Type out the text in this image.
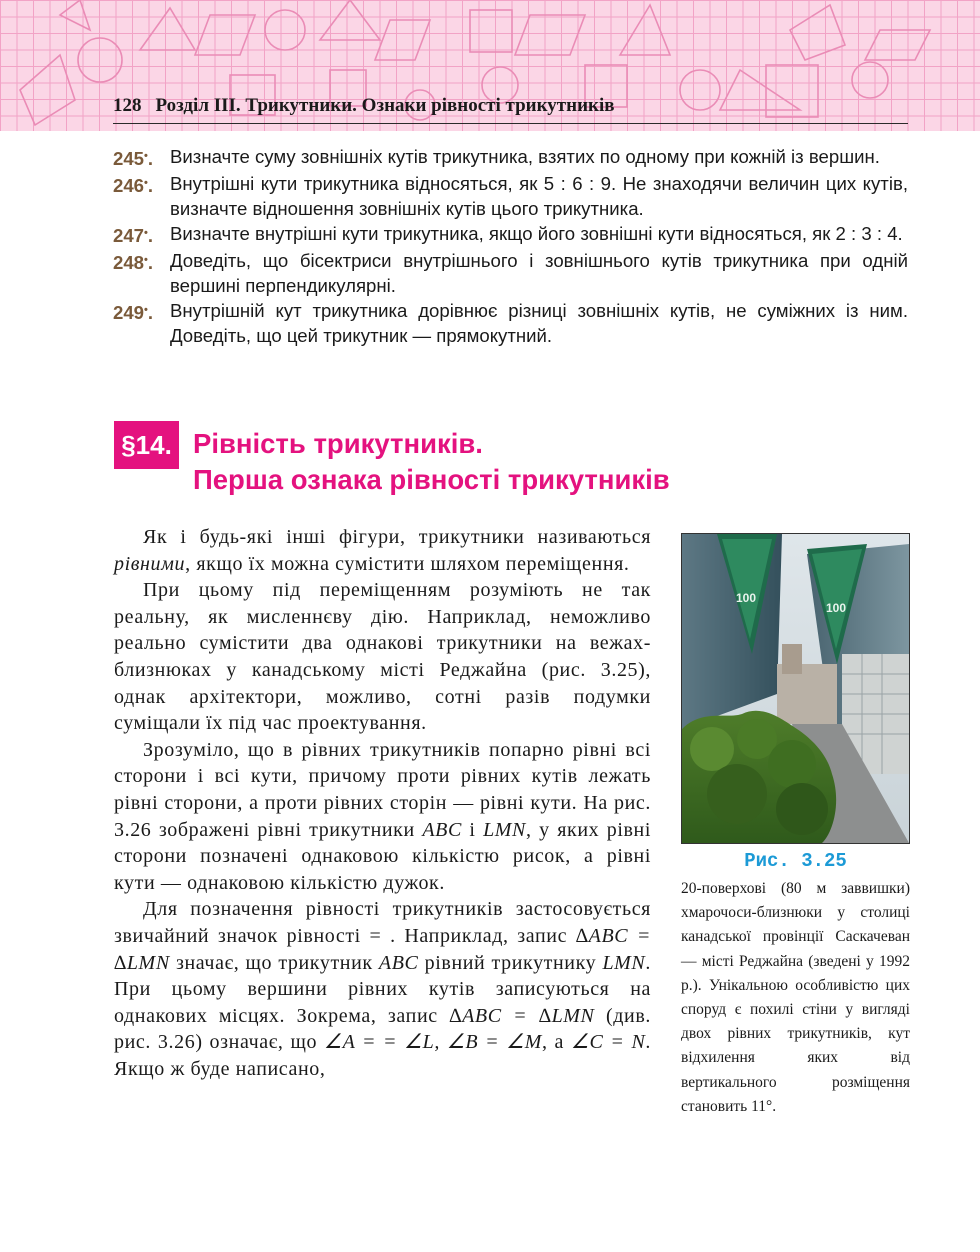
128 Розділ III. Трикутники. Ознаки рівності трикутників
245•. Визначте суму зовнішніх кутів трикутника, взятих по одному при кожній із вершин.
246•. Внутрішні кути трикутника відносяться, як 5 : 6 : 9. Не знаходячи величин цих кутів, визначте відношення зовнішніх кутів цього трикутника.
247•. Визначте внутрішні кути трикутника, якщо його зовнішні кути відносяться, як 2 : 3 : 4.
248•. Доведіть, що бісектриси внутрішнього і зовнішнього кутів трикутника при одній вершині перпендикулярні.
249•. Внутрішній кут трикутника дорівнює різниці зовнішніх кутів, не суміжних із ним. Доведіть, що цей трикутник — прямокутний.
§14. Рівність трикутників.
Перша ознака рівності трикутників

Як і будь-які інші фігури, трикутники називаються рівними, якщо їх можна сумістити шляхом переміщення.

При цьому під переміщенням розуміють не так реальну, як мисленнєву дію. Наприклад, неможливо реально сумістити два однакові трикутники на вежах-близнюках у канадському місті Реджайна (рис. 3.25), однак архітектори, можливо, сотні разів подумки суміщали їх під час проектування.

Зрозуміло, що в рівних трикутників попарно рівні всі сторони і всі кути, причому проти рівних кутів лежать рівні сторони, а проти рівних сторін — рівні кути. На рис. 3.26 зображені рівні трикутники ABC і LMN, у яких рівні сторони позначені однаковою кількістю рисок, а рівні кути — однаковою кількістю дужок.

Для позначення рівності трикутників застосовується звичайний значок рівності = . Наприклад, запис ∆ABC = ∆LMN значає, що трикутник ABC рівний трикутнику LMN. При цьому вершини рівних кутів записуються на однакових місцях. Зокрема, запис ∆ABC = ∆LMN (див. рис. 3.26) означає, що ∠A = = ∠L, ∠B = ∠M, а ∠C = N. Якщо ж буде написано,

100
100
Рис. 3.25
20-поверхові (80 м заввишки) хмарочоси-близнюки у столиці канадської провінції Саскачеван — місті Реджайна (зведені у 1992 р.). Унікальною особливістю цих споруд є похилі стіни у вигляді двох рівних трикутників, кут відхилення яких від вертикального розміщення становить 11°.
